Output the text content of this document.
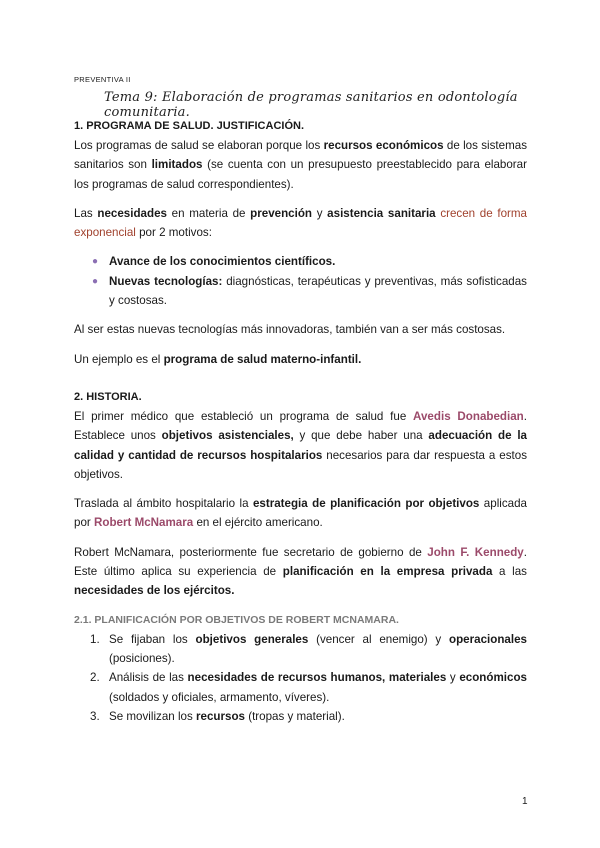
PREVENTIVA II
Tema 9: Elaboración de programas sanitarios en odontología comunitaria.
1. PROGRAMA DE SALUD. JUSTIFICACIÓN.

Los programas de salud se elaboran porque los recursos económicos de los sistemas sanitarios son limitados (se cuenta con un presupuesto preestablecido para elaborar los programas de salud correspondientes).

Las necesidades en materia de prevención y asistencia sanitaria crecen de forma exponencial por 2 motivos:

● Avance de los conocimientos científicos.
● Nuevas tecnologías: diagnósticas, terapéuticas y preventivas, más sofisticadas y costosas.

Al ser estas nuevas tecnologías más innovadoras, también van a ser más costosas.

Un ejemplo es el programa de salud materno-infantil.

2. HISTORIA.

El primer médico que estableció un programa de salud fue Avedis Donabedian. Establece unos objetivos asistenciales, y que debe haber una adecuación de la calidad y cantidad de recursos hospitalarios necesarios para dar respuesta a estos objetivos.

Traslada al ámbito hospitalario la estrategia de planificación por objetivos aplicada por Robert McNamara en el ejército americano.

Robert McNamara, posteriormente fue secretario de gobierno de John F. Kennedy. Este último aplica su experiencia de planificación en la empresa privada a las necesidades de los ejércitos.

2.1. PLANIFICACIÓN POR OBJETIVOS DE ROBERT MCNAMARA.
1. Se fijaban los objetivos generales (vencer al enemigo) y operacionales (posiciones).
2. Análisis de las necesidades de recursos humanos, materiales y económicos (soldados y oficiales, armamento, víveres).
3. Se movilizan los recursos (tropas y material).
1
